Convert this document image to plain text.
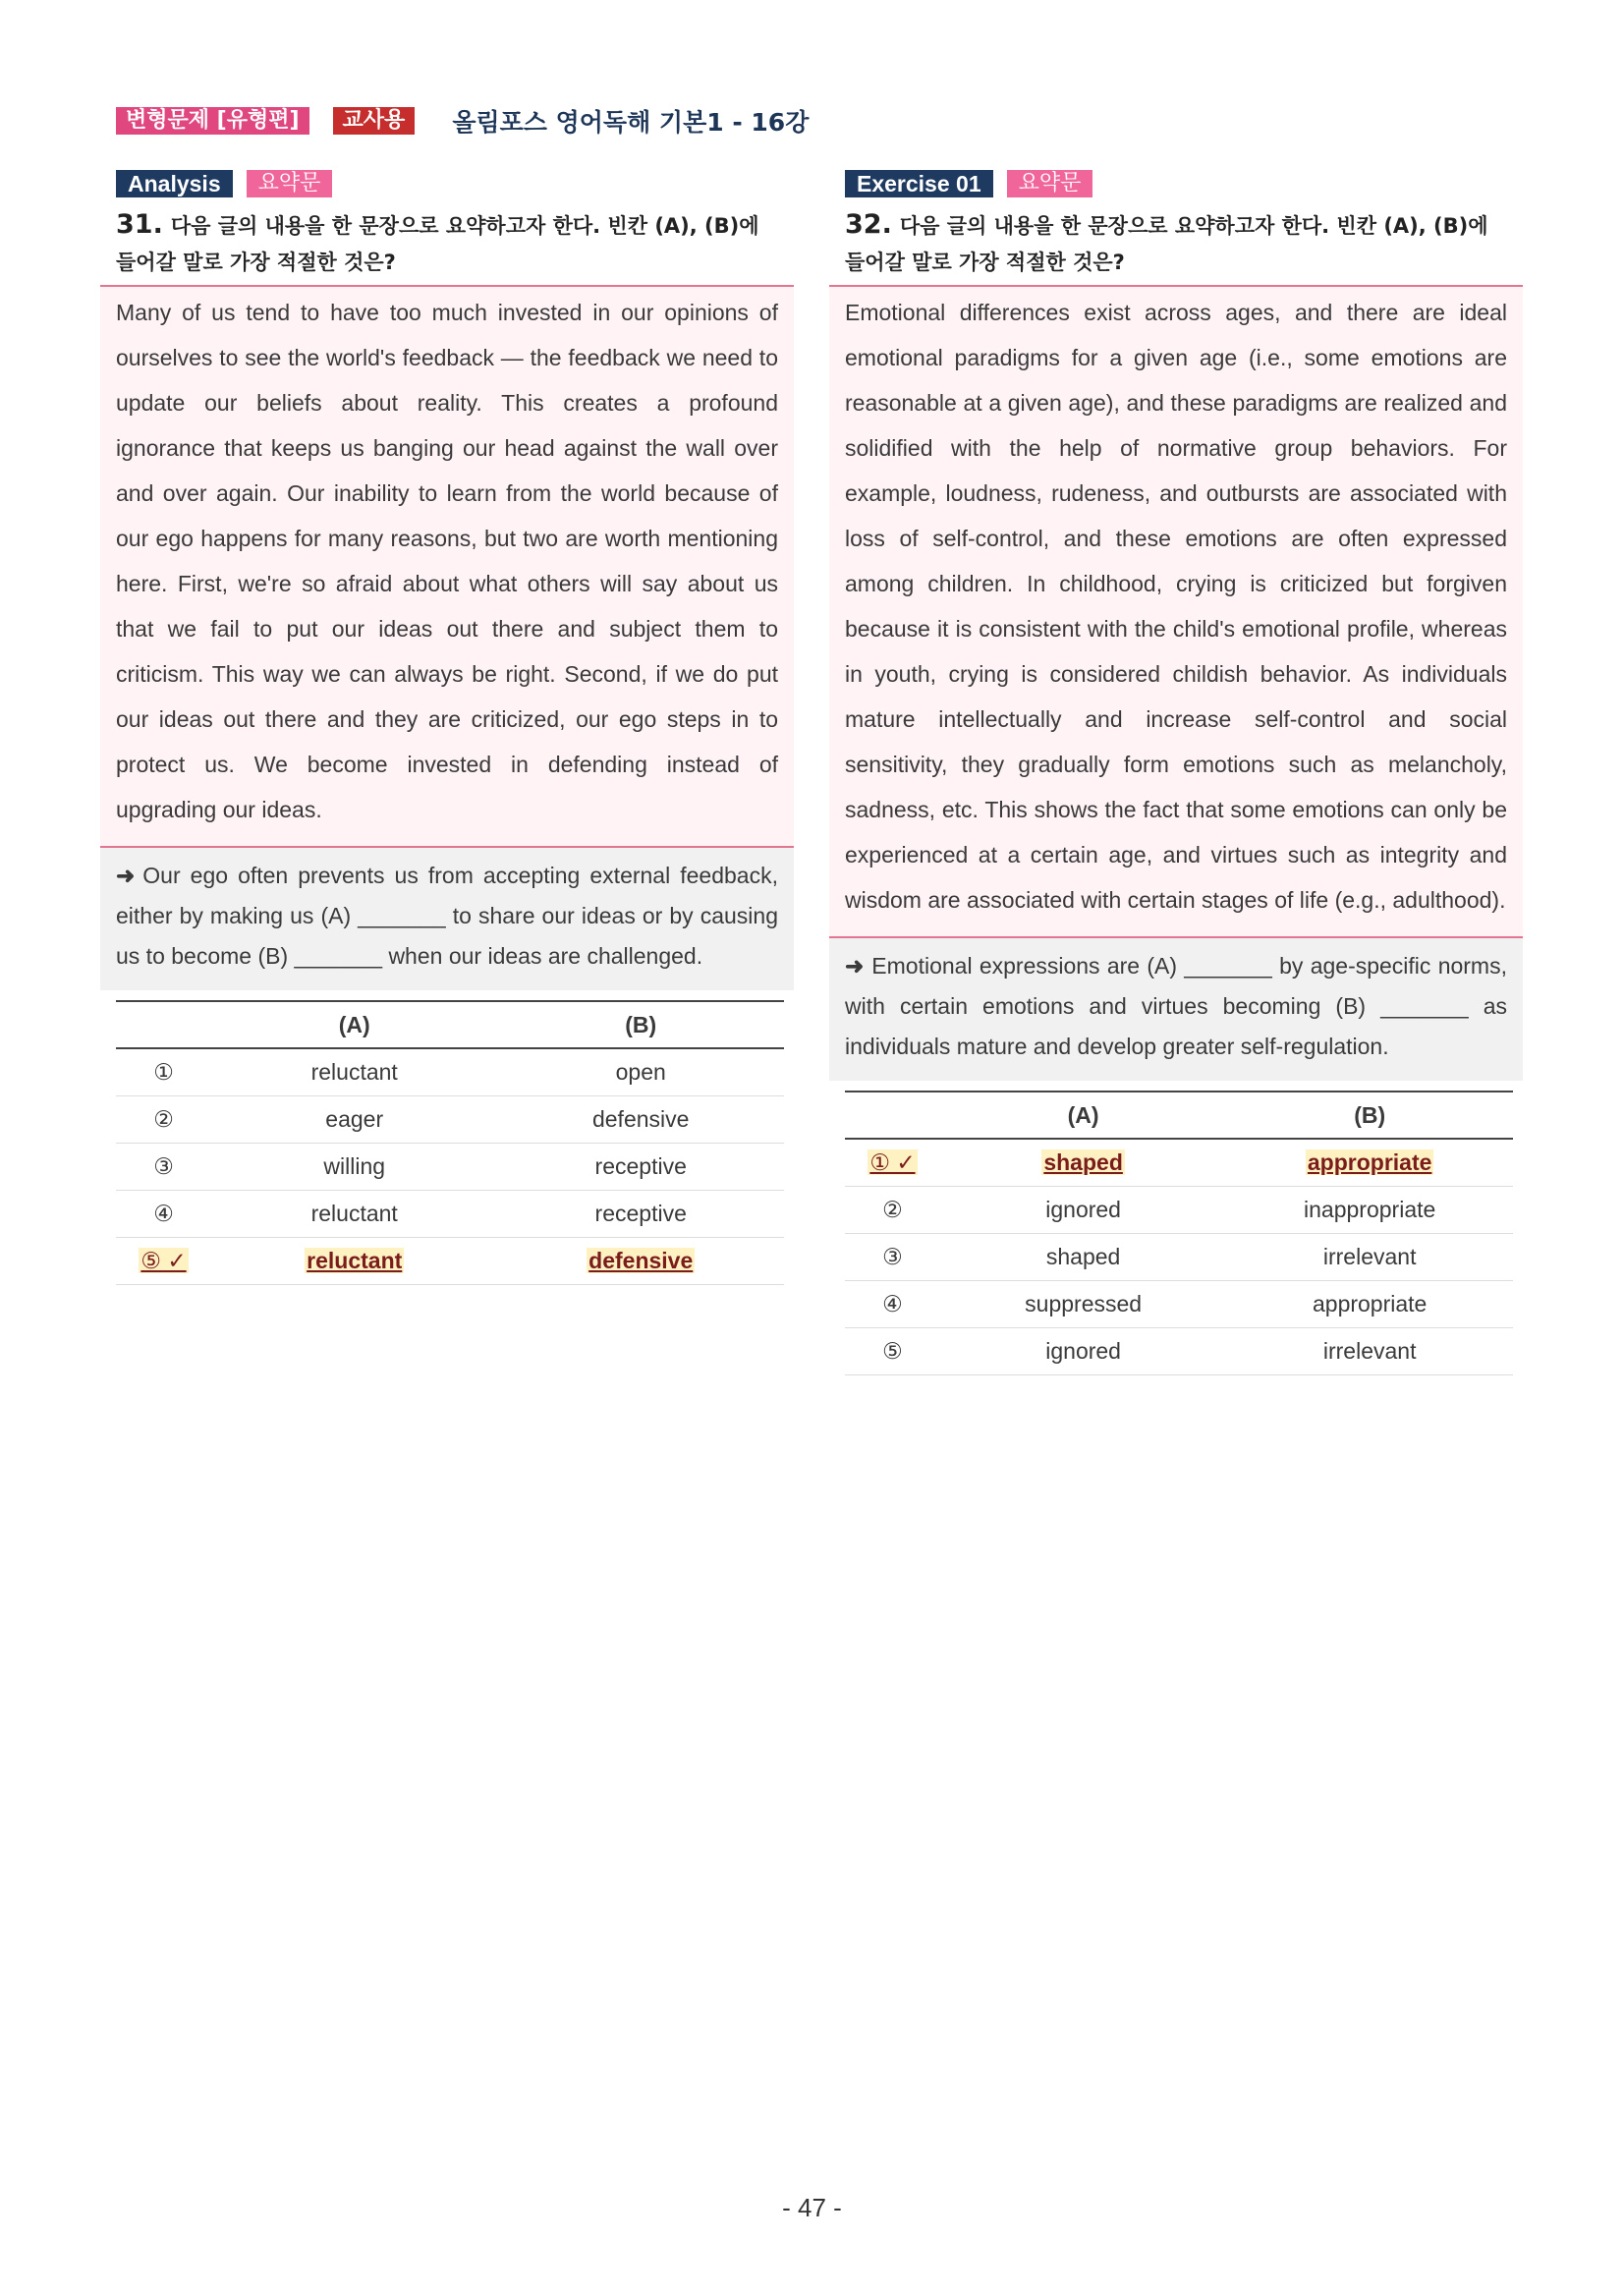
변형문제 [유형편]	교사용	올림포스 영어독해 기본1 - 16강
Analysis	요약문
31. 다음 글의 내용을 한 문장으로 요약하고자 한다. 빈칸 (A), (B)에 들어갈 말로 가장 적절한 것은?
Many of us tend to have too much invested in our opinions of ourselves to see the world's feedback — the feedback we need to update our beliefs about reality. This creates a profound ignorance that keeps us banging our head against the wall over and over again. Our inability to learn from the world because of our ego happens for many reasons, but two are worth mentioning here. First, we're so afraid about what others will say about us that we fail to put our ideas out there and subject them to criticism. This way we can always be right. Second, if we do put our ideas out there and they are criticized, our ego steps in to protect us. We become invested in defending instead of upgrading our ideas.
➜ Our ego often prevents us from accepting external feedback, either by making us (A) _______ to share our ideas or by causing us to become (B) _______ when our ideas are challenged.
	(A)	(B)
①	reluctant	open
②	eager	defensive
③	willing	receptive
④	reluctant	receptive
⑤ ✓	reluctant	defensive
Exercise 01	요약문
32. 다음 글의 내용을 한 문장으로 요약하고자 한다. 빈칸 (A), (B)에 들어갈 말로 가장 적절한 것은?
Emotional differences exist across ages, and there are ideal emotional paradigms for a given age (i.e., some emotions are reasonable at a given age), and these paradigms are realized and solidified with the help of normative group behaviors. For example, loudness, rudeness, and outbursts are associated with loss of self-control, and these emotions are often expressed among children. In childhood, crying is criticized but forgiven because it is consistent with the child's emotional profile, whereas in youth, crying is considered childish behavior. As individuals mature intellectually and increase self-control and social sensitivity, they gradually form emotions such as melancholy, sadness, etc. This shows the fact that some emotions can only be experienced at a certain age, and virtues such as integrity and wisdom are associated with certain stages of life (e.g., adulthood).
➜ Emotional expressions are (A) _______ by age-specific norms, with certain emotions and virtues becoming (B) _______ as individuals mature and develop greater self-regulation.
	(A)	(B)
① ✓	shaped	appropriate
②	ignored	inappropriate
③	shaped	irrelevant
④	suppressed	appropriate
⑤	ignored	irrelevant
- 47 -
